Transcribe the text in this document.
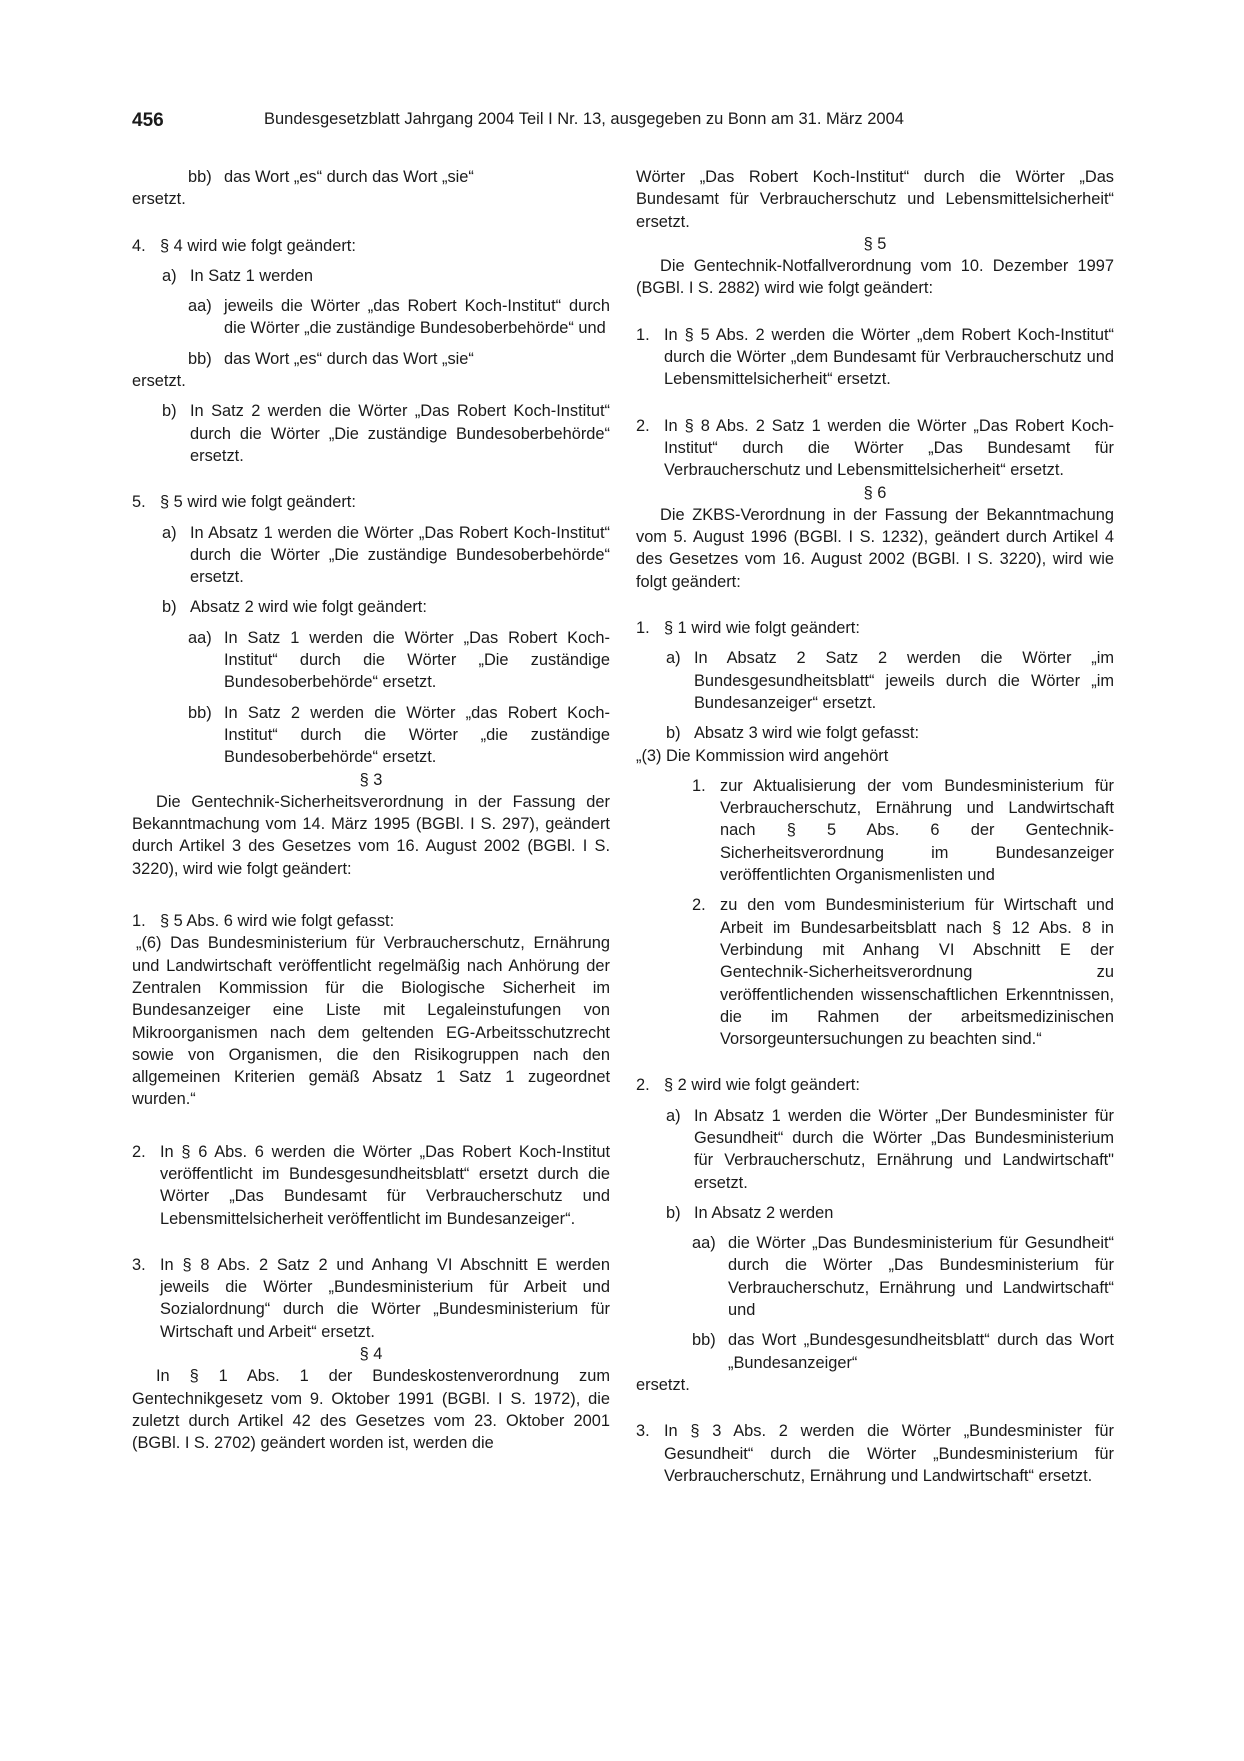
456	Bundesgesetzblatt Jahrgang 2004 Teil I Nr. 13, ausgegeben zu Bonn am 31. März 2004
bb) das Wort „es“ durch das Wort „sie“

ersetzt.

4. § 4 wird wie folgt geändert:
a) In Satz 1 werden
aa) jeweils die Wörter „das Robert Koch-Institut“ durch die Wörter „die zuständige Bundesoberbehörde“ und
bb) das Wort „es“ durch das Wort „sie“

ersetzt.

b) In Satz 2 werden die Wörter „Das Robert Koch-Institut“ durch die Wörter „Die zuständige Bundesoberbehörde“ ersetzt.
5. § 5 wird wie folgt geändert:
a) In Absatz 1 werden die Wörter „Das Robert Koch-Institut“ durch die Wörter „Die zuständige Bundesoberbehörde“ ersetzt.
b) Absatz 2 wird wie folgt geändert:
aa) In Satz 1 werden die Wörter „Das Robert Koch-Institut“ durch die Wörter „Die zuständige Bundesoberbehörde“ ersetzt.
bb) In Satz 2 werden die Wörter „das Robert Koch-Institut“ durch die Wörter „die zuständige Bundesoberbehörde“ ersetzt.

§ 3

Die Gentechnik-Sicherheitsverordnung in der Fassung der Bekanntmachung vom 14. März 1995 (BGBl. I S. 297), geändert durch Artikel 3 des Gesetzes vom 16. August 2002 (BGBl. I S. 3220), wird wie folgt geändert:

1. § 5 Abs. 6 wird wie folgt gefasst:

„(6) Das Bundesministerium für Verbraucherschutz, Ernährung und Landwirtschaft veröffentlicht regelmäßig nach Anhörung der Zentralen Kommission für die Biologische Sicherheit im Bundesanzeiger eine Liste mit Legaleinstufungen von Mikroorganismen nach dem geltenden EG-Arbeitsschutzrecht sowie von Organismen, die den Risikogruppen nach den allgemeinen Kriterien gemäß Absatz 1 Satz 1 zugeordnet wurden.“

2. In § 6 Abs. 6 werden die Wörter „Das Robert Koch-Institut veröffentlicht im Bundesgesundheitsblatt“ ersetzt durch die Wörter „Das Bundesamt für Verbraucherschutz und Lebensmittelsicherheit veröffentlicht im Bundesanzeiger“.
3. In § 8 Abs. 2 Satz 2 und Anhang VI Abschnitt E werden jeweils die Wörter „Bundesministerium für Arbeit und Sozialordnung“ durch die Wörter „Bundesministerium für Wirtschaft und Arbeit“ ersetzt.

§ 4

In § 1 Abs. 1 der Bundeskostenverordnung zum Gentechnikgesetz vom 9. Oktober 1991 (BGBl. I S. 1972), die zuletzt durch Artikel 42 des Gesetzes vom 23. Oktober 2001 (BGBl. I S. 2702) geändert worden ist, werden die

Wörter „Das Robert Koch-Institut“ durch die Wörter „Das Bundesamt für Verbraucherschutz und Lebensmittelsicherheit“ ersetzt.

§ 5

Die Gentechnik-Notfallverordnung vom 10. Dezember 1997 (BGBl. I S. 2882) wird wie folgt geändert:

1. In § 5 Abs. 2 werden die Wörter „dem Robert Koch-Institut“ durch die Wörter „dem Bundesamt für Verbraucherschutz und Lebensmittelsicherheit“ ersetzt.
2. In § 8 Abs. 2 Satz 1 werden die Wörter „Das Robert Koch-Institut“ durch die Wörter „Das Bundesamt für Verbraucherschutz und Lebensmittelsicherheit“ ersetzt.

§ 6

Die ZKBS-Verordnung in der Fassung der Bekanntmachung vom 5. August 1996 (BGBl. I S. 1232), geändert durch Artikel 4 des Gesetzes vom 16. August 2002 (BGBl. I S. 3220), wird wie folgt geändert:

1. § 1 wird wie folgt geändert:
a) In Absatz 2 Satz 2 werden die Wörter „im Bundesgesundheitsblatt“ jeweils durch die Wörter „im Bundesanzeiger“ ersetzt.
b) Absatz 3 wird wie folgt gefasst:

„(3) Die Kommission wird angehört

1. zur Aktualisierung der vom Bundesministerium für Verbraucherschutz, Ernährung und Landwirtschaft nach § 5 Abs. 6 der Gentechnik-Sicherheitsverordnung im Bundesanzeiger veröffentlichten Organismenlisten und
2. zu den vom Bundesministerium für Wirtschaft und Arbeit im Bundesarbeitsblatt nach § 12 Abs. 8 in Verbindung mit Anhang VI Abschnitt E der Gentechnik-Sicherheitsverordnung zu veröffentlichenden wissenschaftlichen Erkenntnissen, die im Rahmen der arbeitsmedizinischen Vorsorgeuntersuchungen zu beachten sind.“
2. § 2 wird wie folgt geändert:
a) In Absatz 1 werden die Wörter „Der Bundesminister für Gesundheit“ durch die Wörter „Das Bundesministerium für Verbraucherschutz, Ernährung und Landwirtschaft" ersetzt.
b) In Absatz 2 werden
aa) die Wörter „Das Bundesministerium für Gesundheit“ durch die Wörter „Das Bundesministerium für Verbraucherschutz, Ernährung und Landwirtschaft“ und
bb) das Wort „Bundesgesundheitsblatt“ durch das Wort „Bundesanzeiger“

ersetzt.

3. In § 3 Abs. 2 werden die Wörter „Bundesminister für Gesundheit“ durch die Wörter „Bundesministerium für Verbraucherschutz, Ernährung und Landwirtschaft“ ersetzt.
